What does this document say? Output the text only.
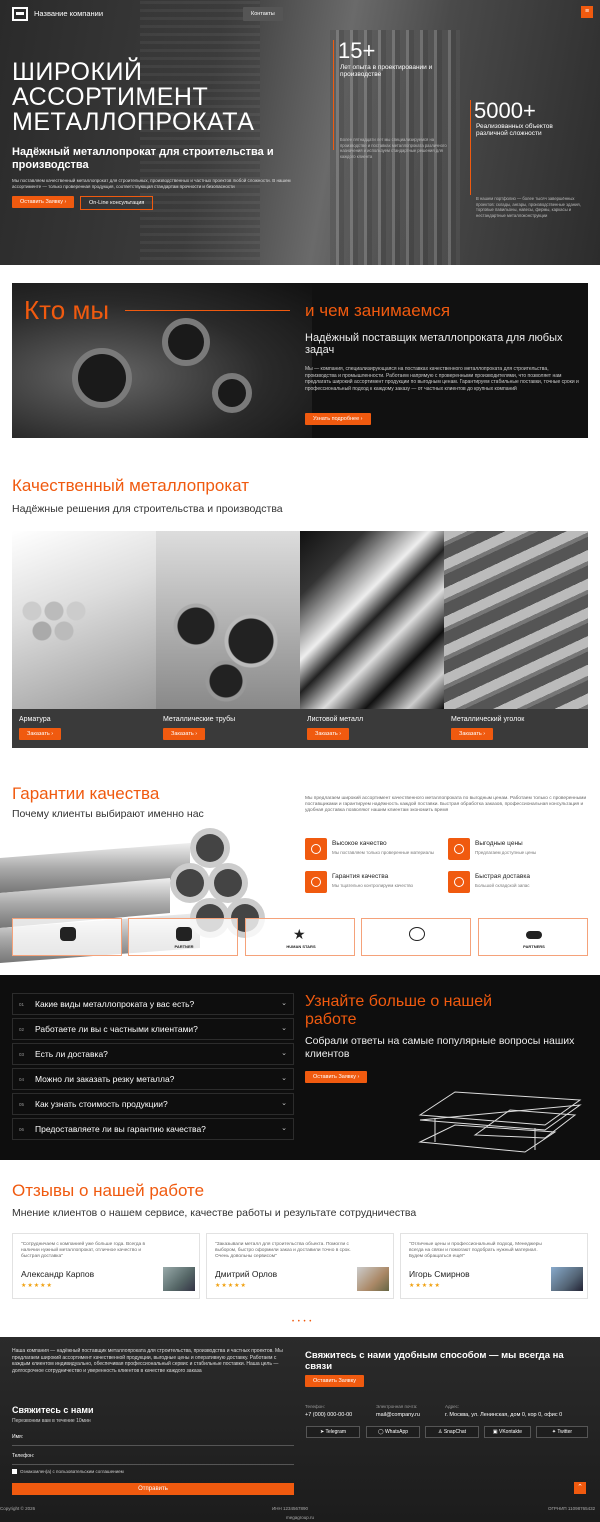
Название компании	Контакты	≡
ШИРОКИЙ АССОРТИМЕНТ МЕТАЛЛОПРОКАТА
Надёжный металлопрокат для строительства и производства
Мы поставляем качественный металлопрокат для строительных, производственных и частных проектов любой сложности. В нашем ассортименте — только проверенная продукция, соответствующая стандартам прочности и безопасности
Оставить Заявку ›	On-Line консультация
15+
Лет опыта в проектировании и производстве
Более пятнадцати лет мы специализируемся на производстве и поставках металлопроката различного назначения и используем стандартные решения для каждого клиента
5000+
Реализованных объектов различной сложности
В нашем портфолио — более тысяч завершённых проектов: склады, ангары, производственные здания, торговые павильоны, навесы, фермы, каркасы и нестандартные металлоконструкции
Кто мы	и чем занимаемся
Надёжный поставщик металлопроката для любых задач
Мы — компания, специализирующаяся на поставках качественного металлопроката для строительства, производства и промышленности. Работаем напрямую с проверенными производителями, что позволяет нам предлагать широкий ассортимент продукции по выгодным ценам. Гарантируем стабильные поставки, точные сроки и профессиональный подход к каждому заказу — от частных клиентов до крупных компаний
Узнать подробнее ›
Качественный металлопрокат
Надёжные решения для строительства и производства
Арматура
Заказать ›
Металлические трубы
Заказать ›
Листовой металл
Заказать ›
Металлический уголок
Заказать ›
Гарантии качества
Почему клиенты выбирают именно нас
Мы предлагаем широкий ассортимент качественного металлопроката по выгодным ценам. Работаем только с проверенными поставщиками и гарантируем надёжность каждой поставки. Быстрая обработка заказов, профессиональная консультация и удобная доставка позволяют нашим клиентам экономить время
Высокое качество
Мы поставляем только проверенные материалы
Выгодные цены
Предлагаем доступные цены
Гарантия качества
Мы тщательно контролируем качество
Быстрая доставка
Большой складской запас
PARTNER
★
HUMAN STARS	PARTNERS
01 Какие виды металлопроката у вас есть?	⌄
02 Работаете ли вы с частными клиентами?	⌄
03 Есть ли доставка?	⌄
04 Можно ли заказать резку металла?	⌄
05 Как узнать стоимость продукции?	⌄
06 Предоставляете ли вы гарантию качества?	⌄
Узнайте больше о нашей работе
Собрали ответы на самые популярные вопросы наших клиентов
Оставить Заявку ›
Отзывы о нашей работе
Мнение клиентов о нашем сервисе, качестве работы и результате сотрудничества
"Сотрудничаем с компанией уже больше года. Всегда в наличии нужный металлопрокат, отличное качество и быстрая доставка"
Александр Карпов
★★★★★
"Заказывали металл для строительства объекта. Помогли с выбором, быстро оформили заказ и доставили точно в срок. Очень довольны сервисом"
Дмитрий Орлов
★★★★★
"Отличные цены и профессиональный подход. Менеджеры всегда на связи и помогают подобрать нужный материал. Будем обращаться ещё!"
Игорь Смирнов
★★★★★
• • • •
Наша компания — надёжный поставщик металлопроката для строительства, производства и частных проектов. Мы предлагаем широкий ассортимент качественной продукции, выгодные цены и оперативную доставку. Работаем с каждым клиентом индивидуально, обеспечивая профессиональный сервис и стабильные поставки. Наша цель — долгосрочное сотрудничество и уверенность клиентов в качестве каждого заказа
Свяжитесь с нами удобным способом — мы всегда на связи
Оставить Заявку
Свяжитесь с нами
Перезвоним вам в течение 10мин
Имя:
Телефон:
Ознакомлен(а) с пользовательским соглашением
Отправить
Телефон:
+7 (000) 000-00-00
Электронная почта:
mail@company.ru
Адрес:
г. Москва, ул. Ленинская, дом 0, кор 0, офис 0
➤ Telegram	◯ WhatsApp	♙ SnapChat	▣ VKontakte	✦ Twitter
⌃
Copyright © 2026	ИНН 1234567890
megagroup.ru
ОГРНИП 11098765432
